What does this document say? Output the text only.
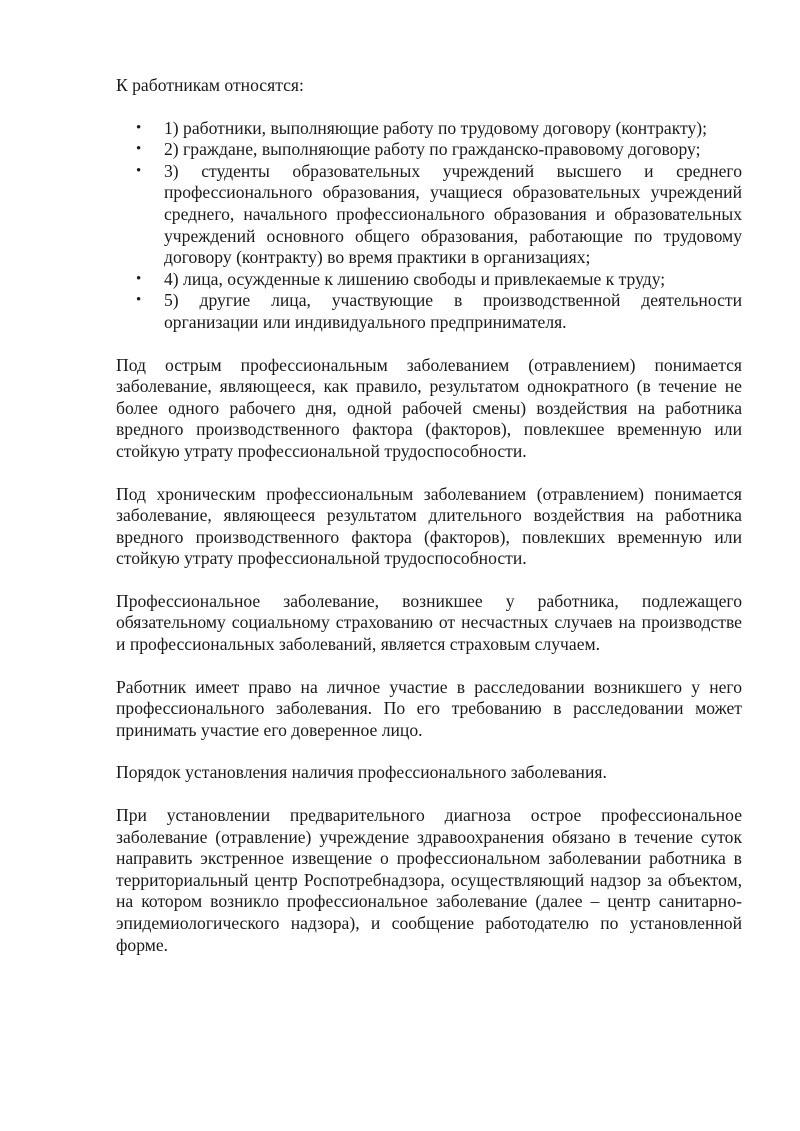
К работникам относятся:

• 1) работники, выполняющие работу по трудовому договору (контракту);
• 2) граждане, выполняющие работу по гражданско-правовому договору;
• 3) студенты образовательных учреждений высшего и среднего профессионального образования, учащиеся образовательных учреждений среднего, начального профессионального образования и образовательных учреждений основного общего образования, работающие по трудовому договору (контракту) во время практики в организациях;
• 4) лица, осужденные к лишению свободы и привлекаемые к труду;
• 5) другие лица, участвующие в производственной деятельности организации или индивидуального предпринимателя.

Под острым профессиональным заболеванием (отравлением) понимается заболевание, являющееся, как правило, результатом однократного (в течение не более одного рабочего дня, одной рабочей смены) воздействия на работника вредного производственного фактора (факторов), повлекшее временную или стойкую утрату профессиональной трудоспособности.

Под хроническим профессиональным заболеванием (отравлением) понимается заболевание, являющееся результатом длительного воздействия на работника вредного производственного фактора (факторов), повлекших временную или стойкую утрату профессиональной трудоспособности.

Профессиональное заболевание, возникшее у работника, подлежащего обязательному социальному страхованию от несчастных случаев на производстве и профессиональных заболеваний, является страховым случаем.

Работник имеет право на личное участие в расследовании возникшего у него профессионального заболевания. По его требованию в расследовании может принимать участие его доверенное лицо.

Порядок установления наличия профессионального заболевания.

При установлении предварительного диагноза острое профессиональное заболевание (отравление) учреждение здравоохранения обязано в течение суток направить экстренное извещение о профессиональном заболевании работника в территориальный центр Роспотребнадзора, осуществляющий надзор за объектом, на котором возникло профессиональное заболевание (далее – центр санитарно-эпидемиологического надзора), и сообщение работодателю по установленной форме.
